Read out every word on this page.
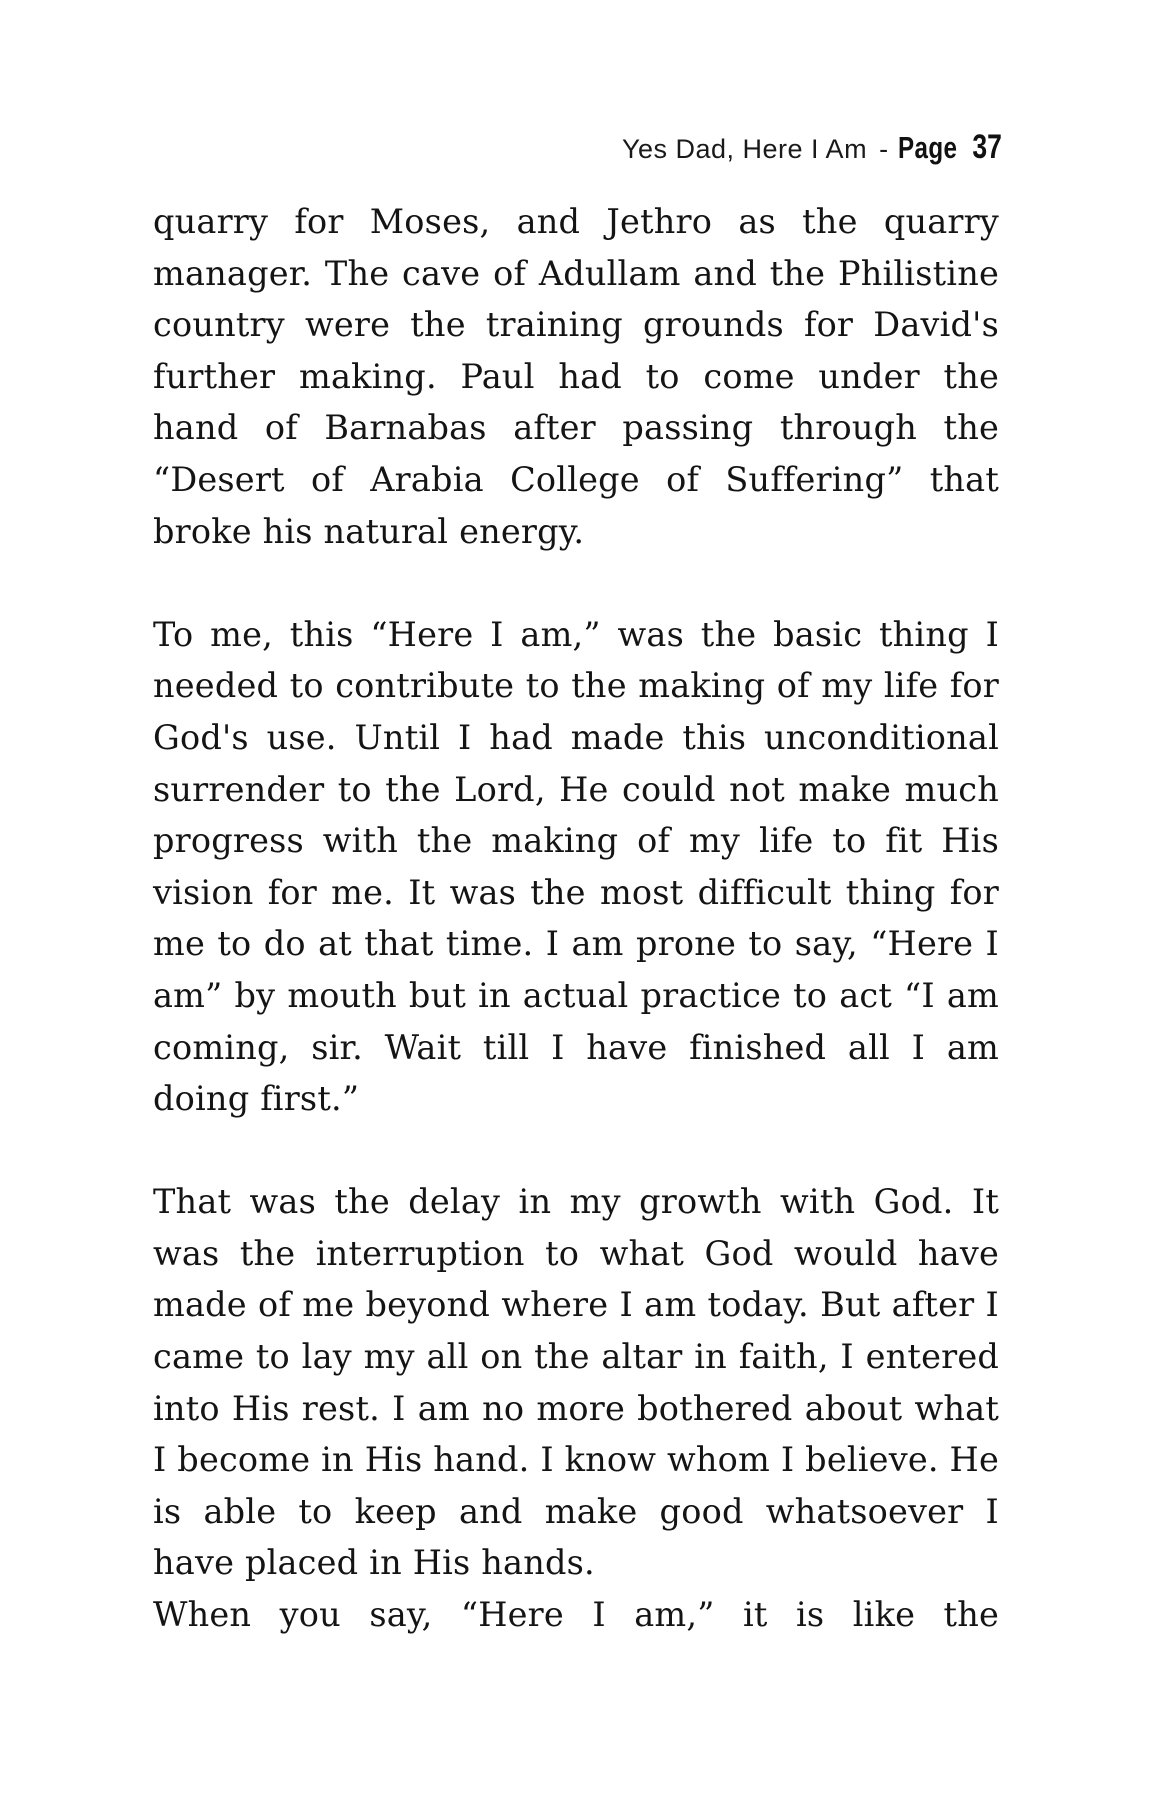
Yes Dad, Here I Am - Page 37

quarry for Moses, and Jethro as the quarry manager. The cave of Adullam and the Philistine country were the training grounds for David's further making. Paul had to come under the hand of Barnabas after passing through the “Desert of Arabia College of Suffering” that broke his natural energy.

To me, this “Here I am,” was the basic thing I needed to contribute to the making of my life for God's use. Until I had made this unconditional surrender to the Lord, He could not make much progress with the making of my life to fit His vision for me. It was the most difficult thing for me to do at that time. I am prone to say, “Here I am” by mouth but in actual practice to act “I am coming, sir. Wait till I have finished all I am doing first.”

That was the delay in my growth with God. It was the interruption to what God would have made of me beyond where I am today. But after I came to lay my all on the altar in faith, I entered into His rest. I am no more bothered about what I become in His hand. I know whom I believe. He is able to keep and make good whatsoever I have placed in His hands.

When you say, “Here I am,” it is like the
